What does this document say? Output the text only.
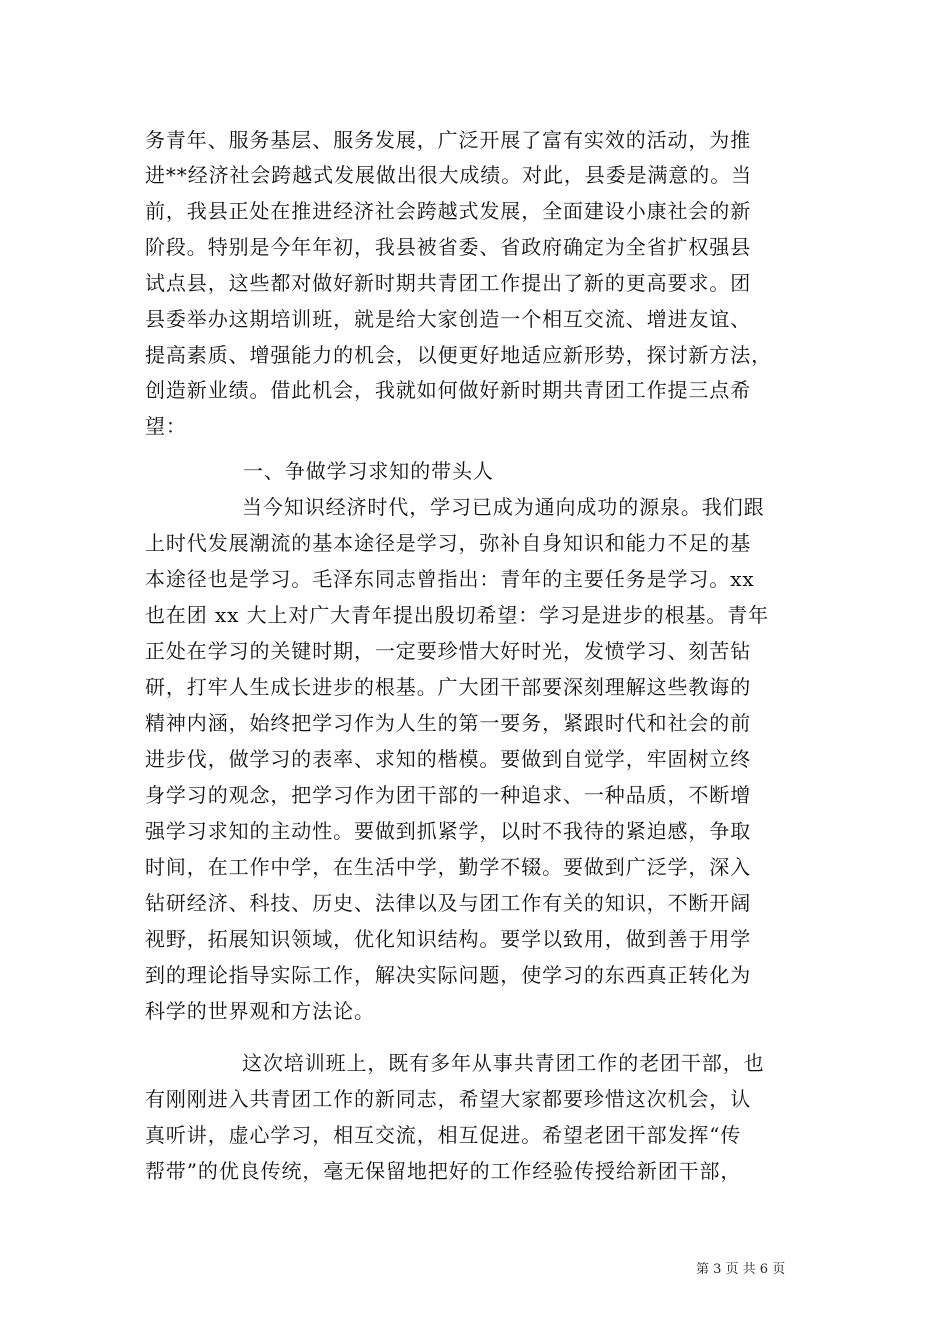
务青年、服务基层、服务发展，广泛开展了富有实效的活动，为推
进**经济社会跨越式发展做出很大成绩。对此，县委是满意的。当
前，我县正处在推进经济社会跨越式发展，全面建设小康社会的新
阶段。特别是今年年初，我县被省委、省政府确定为全省扩权强县
试点县，这些都对做好新时期共青团工作提出了新的更高要求。团
县委举办这期培训班，就是给大家创造一个相互交流、增进友谊、
提高素质、增强能力的机会，以便更好地适应新形势，探讨新方法，
创造新业绩。借此机会，我就如何做好新时期共青团工作提三点希
望：
一、争做学习求知的带头人
当今知识经济时代，学习已成为通向成功的源泉。我们跟
上时代发展潮流的基本途径是学习，弥补自身知识和能力不足的基
本途径也是学习。毛泽东同志曾指出：青年的主要任务是学习。xx
也在团 xx 大上对广大青年提出殷切希望：学习是进步的根基。青年
正处在学习的关键时期，一定要珍惜大好时光，发愤学习、刻苦钻
研，打牢人生成长进步的根基。广大团干部要深刻理解这些教诲的
精神内涵，始终把学习作为人生的第一要务，紧跟时代和社会的前
进步伐，做学习的表率、求知的楷模。要做到自觉学，牢固树立终
身学习的观念，把学习作为团干部的一种追求、一种品质，不断增
强学习求知的主动性。要做到抓紧学，以时不我待的紧迫感，争取
时间，在工作中学，在生活中学，勤学不辍。要做到广泛学，深入
钻研经济、科技、历史、法律以及与团工作有关的知识，不断开阔
视野，拓展知识领域，优化知识结构。要学以致用，做到善于用学
到的理论指导实际工作，解决实际问题，使学习的东西真正转化为
科学的世界观和方法论。
这次培训班上，既有多年从事共青团工作的老团干部，也
有刚刚进入共青团工作的新同志，希望大家都要珍惜这次机会，认
真听讲，虚心学习，相互交流，相互促进。希望老团干部发挥“传
帮带”的优良传统，毫无保留地把好的工作经验传授给新团干部，
第 3 页 共 6 页
